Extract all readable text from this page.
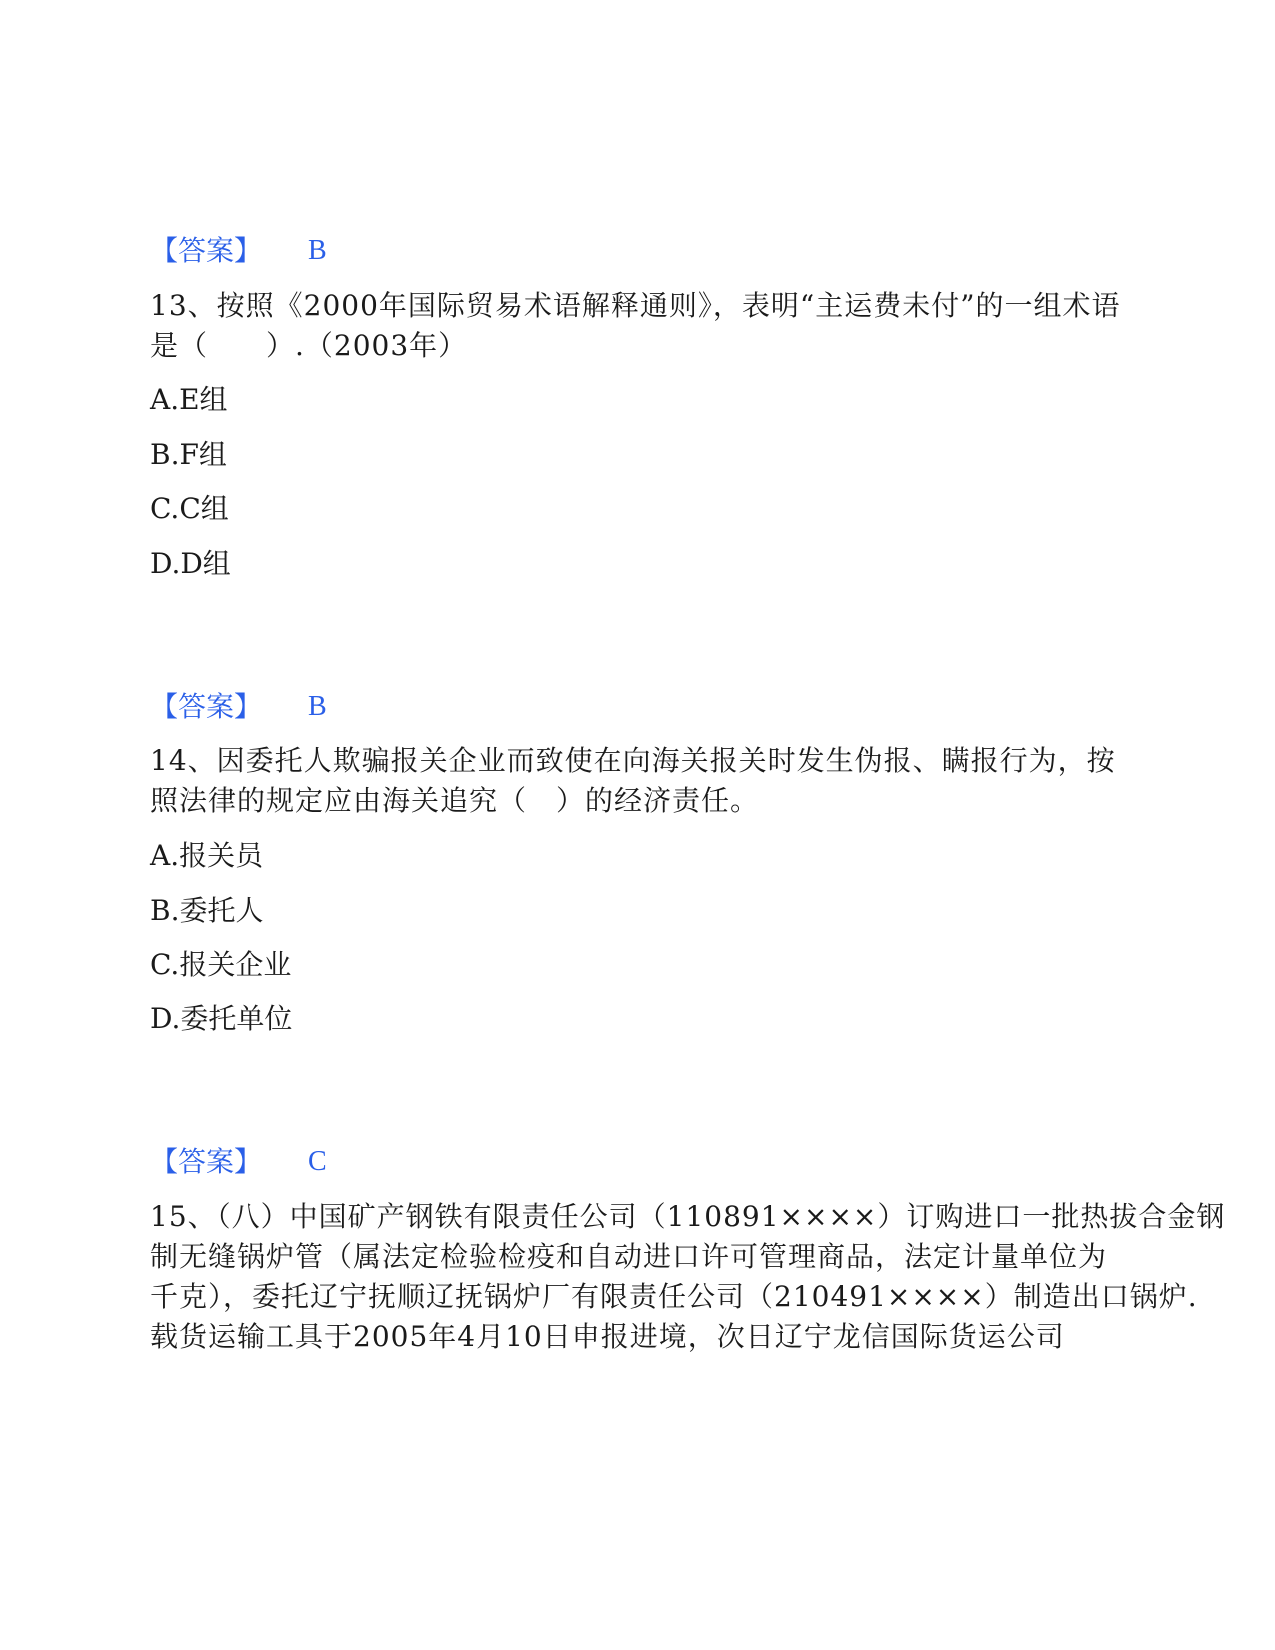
【答案】 B
13、按照《2000年国际贸易术语解释通则》，表明“主运费未付”的一组术语
是（　　）.（2003年）
A.E组
B.F组
C.C组
D.D组
【答案】 B
14、因委托人欺骗报关企业而致使在向海关报关时发生伪报、瞒报行为，按
照法律的规定应由海关追究（　）的经济责任。
A.报关员
B.委托人
C.报关企业
D.委托单位
【答案】 C
15、（八）中国矿产钢铁有限责任公司（110891××××）订购进口一批热拔合金钢
制无缝锅炉管（属法定检验检疫和自动进口许可管理商品，法定计量单位为
千克），委托辽宁抚顺辽抚锅炉厂有限责任公司（210491××××）制造出口锅炉.
载货运输工具于2005年4月10日申报进境，次日辽宁龙信国际货运公司
